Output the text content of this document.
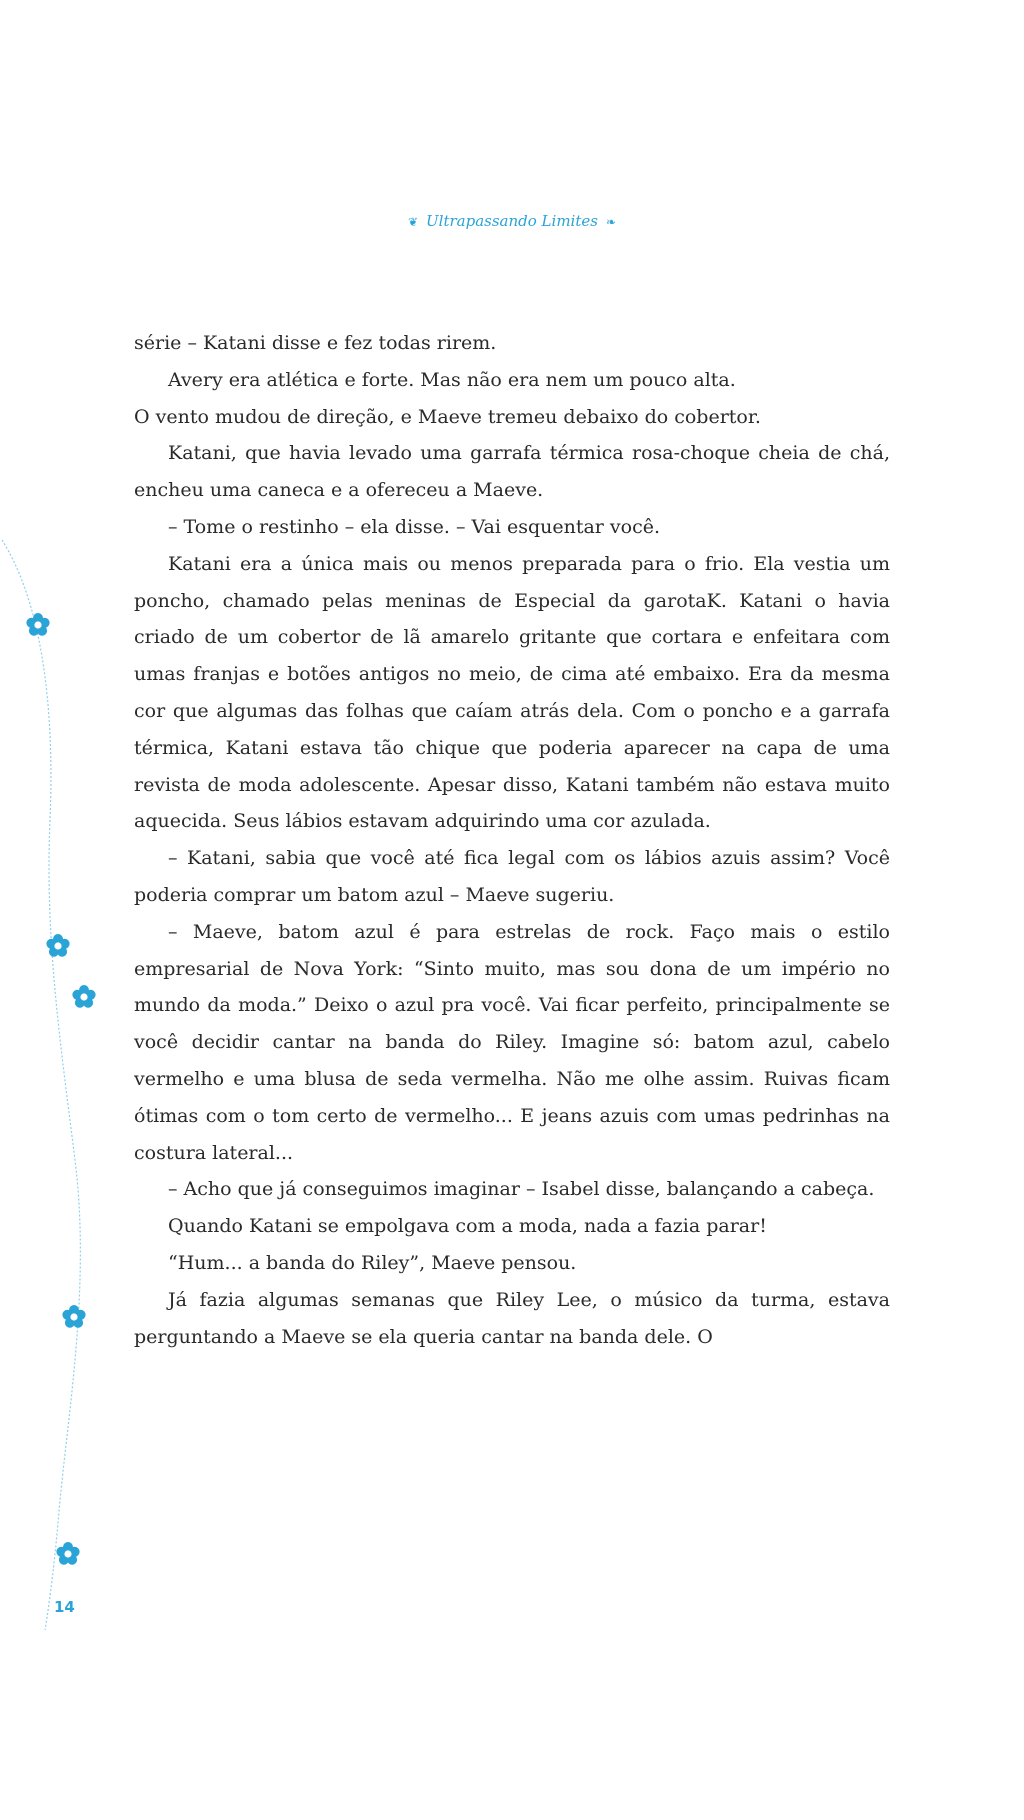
❦ Ultrapassando Limites ❧

série – Katani disse e fez todas rirem.

Avery era atlética e forte. Mas não era nem um pouco alta.

O vento mudou de direção, e Maeve tremeu debaixo do cobertor.

Katani, que havia levado uma garrafa térmica rosa-choque cheia de chá, encheu uma caneca e a ofereceu a Maeve.

– Tome o restinho – ela disse. – Vai esquentar você.

Katani era a única mais ou menos preparada para o frio. Ela vestia um poncho, chamado pelas meninas de Especial da garotaK. Katani o havia criado de um cobertor de lã amarelo gritante que cortara e enfeitara com umas franjas e botões antigos no meio, de cima até embaixo. Era da mesma cor que algumas das folhas que caíam atrás dela. Com o poncho e a garrafa térmica, Katani estava tão chique que poderia aparecer na capa de uma revista de moda adolescente. Apesar disso, Katani também não estava muito aquecida. Seus lábios estavam adquirindo uma cor azulada.

– Katani, sabia que você até fica legal com os lábios azuis assim? Você poderia comprar um batom azul – Maeve sugeriu.

– Maeve, batom azul é para estrelas de rock. Faço mais o estilo empresarial de Nova York: “Sinto muito, mas sou dona de um império no mundo da moda.” Deixo o azul pra você. Vai ficar perfeito, principalmente se você decidir cantar na banda do Riley. Imagine só: batom azul, cabelo vermelho e uma blusa de seda vermelha. Não me olhe assim. Ruivas ficam ótimas com o tom certo de vermelho... E jeans azuis com umas pedrinhas na costura lateral...

– Acho que já conseguimos imaginar – Isabel disse, balançando a cabeça.

Quando Katani se empolgava com a moda, nada a fazia parar!

“Hum... a banda do Riley”, Maeve pensou.

Já fazia algumas semanas que Riley Lee, o músico da turma, estava perguntando a Maeve se ela queria cantar na banda dele. O

14
